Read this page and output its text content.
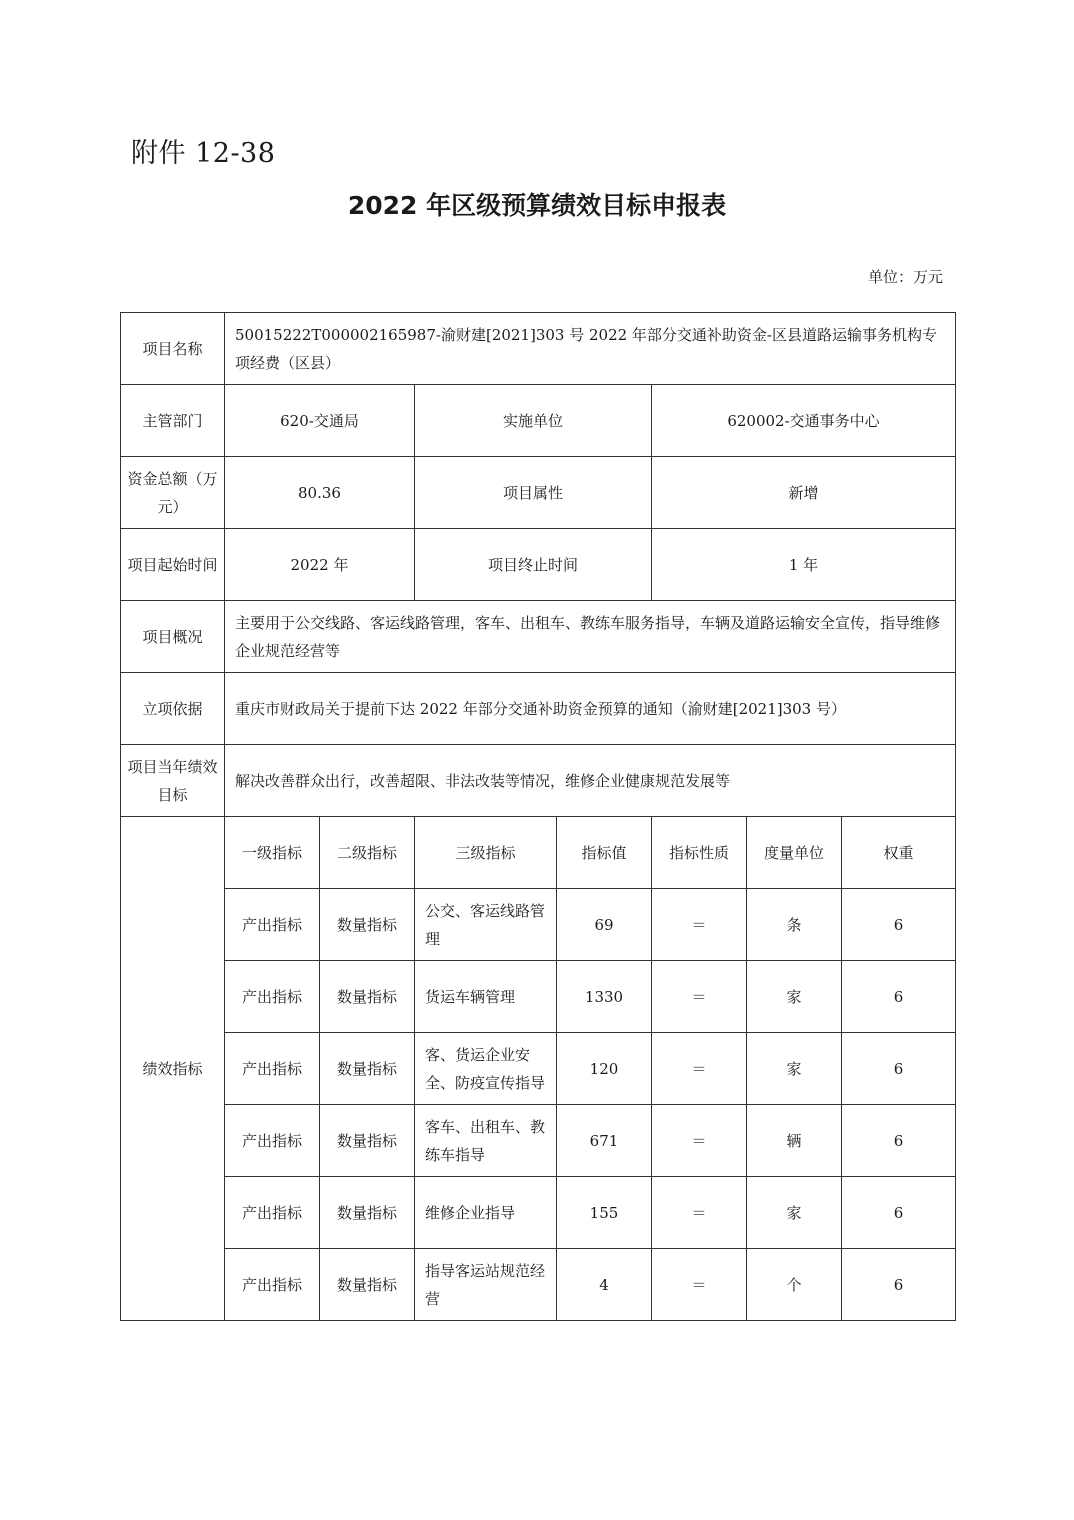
附件 12-38
2022 年区级预算绩效目标申报表
单位：万元
项目名称	50015222T000002165987-渝财建[2021]303 号 2022 年部分交通补助资金-区县道路运输事务机构专项经费（区县）						
主管部门	620-交通局		实施单位		620002-交通事务中心		
资金总额（万元）	80.36		项目属性		新增		
项目起始时间	2022 年		项目终止时间		1 年		
项目概况	主要用于公交线路、客运线路管理，客车、出租车、教练车服务指导，车辆及道路运输安全宣传，指导维修企业规范经营等						
立项依据	重庆市财政局关于提前下达 2022 年部分交通补助资金预算的通知（渝财建[2021]303 号）						
项目当年绩效目标	解决改善群众出行，改善超限、非法改装等情况，维修企业健康规范发展等						
绩效指标	一级指标	二级指标	三级指标	指标值	指标性质	度量单位	权重
	产出指标	数量指标	公交、客运线路管理	69	＝	条	6
	产出指标	数量指标	货运车辆管理	1330	＝	家	6
	产出指标	数量指标	客、货运企业安全、防疫宣传指导	120	＝	家	6
	产出指标	数量指标	客车、出租车、教练车指导	671	＝	辆	6
	产出指标	数量指标	维修企业指导	155	＝	家	6
	产出指标	数量指标	指导客运站规范经营	4	＝	个	6
